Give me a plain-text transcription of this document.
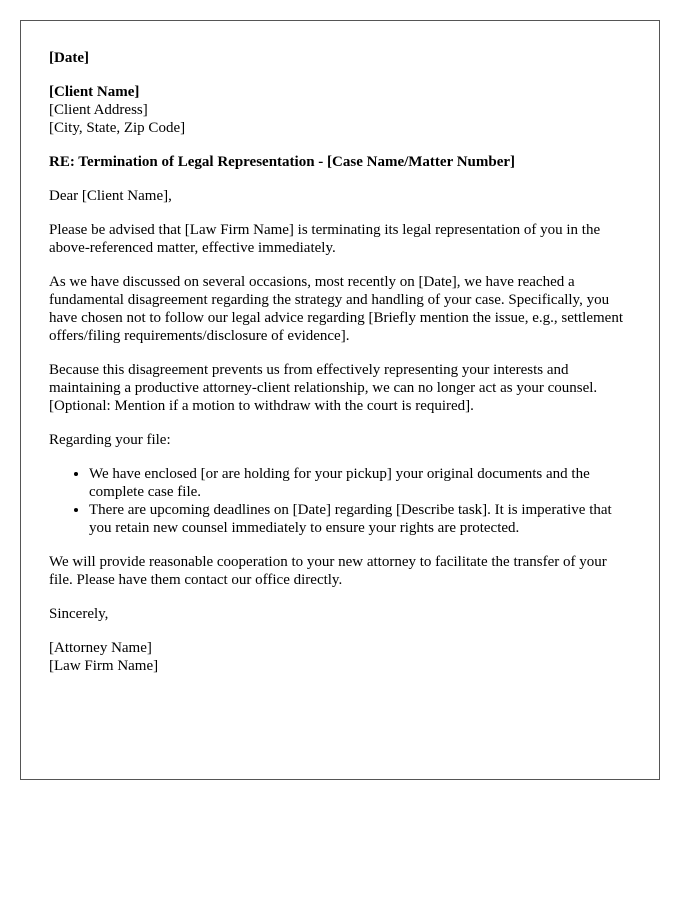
[Date]
[Client Name]
[Client Address]
[City, State, Zip Code]
RE: Termination of Legal Representation - [Case Name/Matter Number]

Dear [Client Name],

Please be advised that [Law Firm Name] is terminating its legal representation of you in the above-referenced matter, effective immediately.

As we have discussed on several occasions, most recently on [Date], we have reached a fundamental disagreement regarding the strategy and handling of your case. Specifically, you have chosen not to follow our legal advice regarding [Briefly mention the issue, e.g., settlement offers/filing requirements/disclosure of evidence].

Because this disagreement prevents us from effectively representing your interests and maintaining a productive attorney-client relationship, we can no longer act as your counsel. [Optional: Mention if a motion to withdraw with the court is required].

Regarding your file:

• We have enclosed [or are holding for your pickup] your original documents and the complete case file.
• There are upcoming deadlines on [Date] regarding [Describe task]. It is imperative that you retain new counsel immediately to ensure your rights are protected.

We will provide reasonable cooperation to your new attorney to facilitate the transfer of your file. Please have them contact our office directly.

Sincerely,

[Attorney Name]
[Law Firm Name]
